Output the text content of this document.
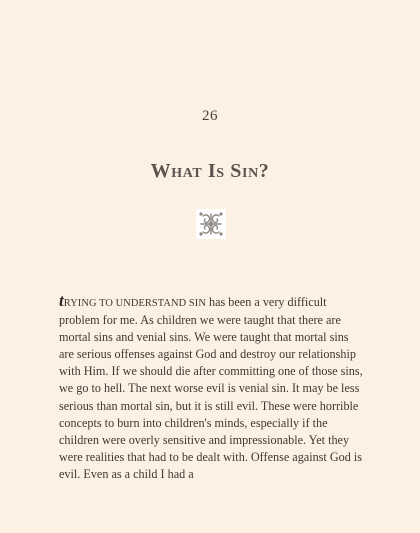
26
What Is Sin?
tRYING TO UNDERSTAND SIN has been a very difficult problem for me. As children we were taught that there are mortal sins and venial sins. We were taught that mortal sins are serious offenses against God and destroy our relationship with Him. If we should die after committing one of those sins, we go to hell. The next worse evil is venial sin. It may be less serious than mortal sin, but it is still evil. These were horrible concepts to burn into children's minds, especially if the children were overly sensitive and impressionable. Yet they were realities that had to be dealt with. Offense against God is evil. Even as a child I had a
